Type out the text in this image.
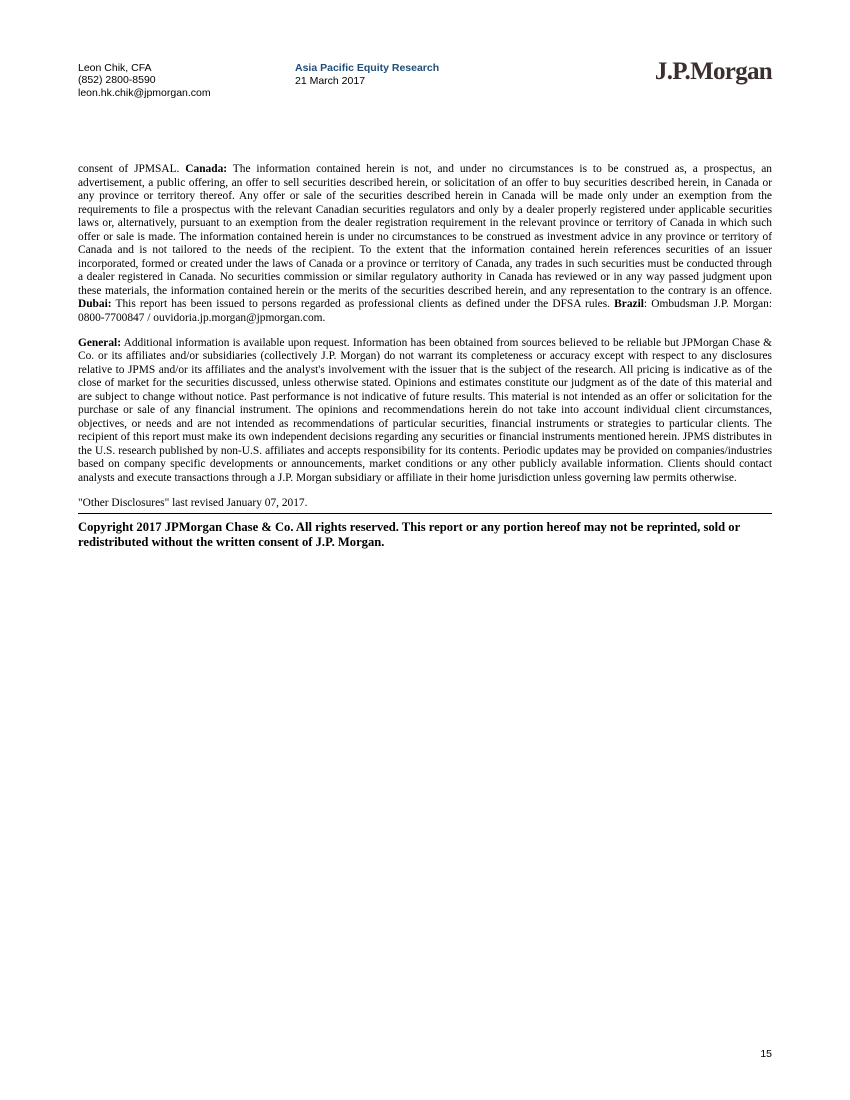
Leon Chik, CFA
(852) 2800-8590
leon.hk.chik@jpmorgan.com
Asia Pacific Equity Research
21 March 2017	J.P.Morgan

consent of JPMSAL. Canada: The information contained herein is not, and under no circumstances is to be construed as, a prospectus, an advertisement, a public offering, an offer to sell securities described herein, or solicitation of an offer to buy securities described herein, in Canada or any province or territory thereof. Any offer or sale of the securities described herein in Canada will be made only under an exemption from the requirements to file a prospectus with the relevant Canadian securities regulators and only by a dealer properly registered under applicable securities laws or, alternatively, pursuant to an exemption from the dealer registration requirement in the relevant province or territory of Canada in which such offer or sale is made. The information contained herein is under no circumstances to be construed as investment advice in any province or territory of Canada and is not tailored to the needs of the recipient. To the extent that the information contained herein references securities of an issuer incorporated, formed or created under the laws of Canada or a province or territory of Canada, any trades in such securities must be conducted through a dealer registered in Canada. No securities commission or similar regulatory authority in Canada has reviewed or in any way passed judgment upon these materials, the information contained herein or the merits of the securities described herein, and any representation to the contrary is an offence. Dubai: This report has been issued to persons regarded as professional clients as defined under the DFSA rules. Brazil: Ombudsman J.P. Morgan: 0800-7700847 / ouvidoria.jp.morgan@jpmorgan.com.

General: Additional information is available upon request. Information has been obtained from sources believed to be reliable but JPMorgan Chase & Co. or its affiliates and/or subsidiaries (collectively J.P. Morgan) do not warrant its completeness or accuracy except with respect to any disclosures relative to JPMS and/or its affiliates and the analyst's involvement with the issuer that is the subject of the research. All pricing is indicative as of the close of market for the securities discussed, unless otherwise stated. Opinions and estimates constitute our judgment as of the date of this material and are subject to change without notice. Past performance is not indicative of future results. This material is not intended as an offer or solicitation for the purchase or sale of any financial instrument. The opinions and recommendations herein do not take into account individual client circumstances, objectives, or needs and are not intended as recommendations of particular securities, financial instruments or strategies to particular clients. The recipient of this report must make its own independent decisions regarding any securities or financial instruments mentioned herein. JPMS distributes in the U.S. research published by non-U.S. affiliates and accepts responsibility for its contents. Periodic updates may be provided on companies/industries based on company specific developments or announcements, market conditions or any other publicly available information. Clients should contact analysts and execute transactions through a J.P. Morgan subsidiary or affiliate in their home jurisdiction unless governing law permits otherwise.

"Other Disclosures" last revised January 07, 2017.

Copyright 2017 JPMorgan Chase & Co. All rights reserved. This report or any portion hereof may not be reprinted, sold or redistributed without the written consent of J.P. Morgan.

15
